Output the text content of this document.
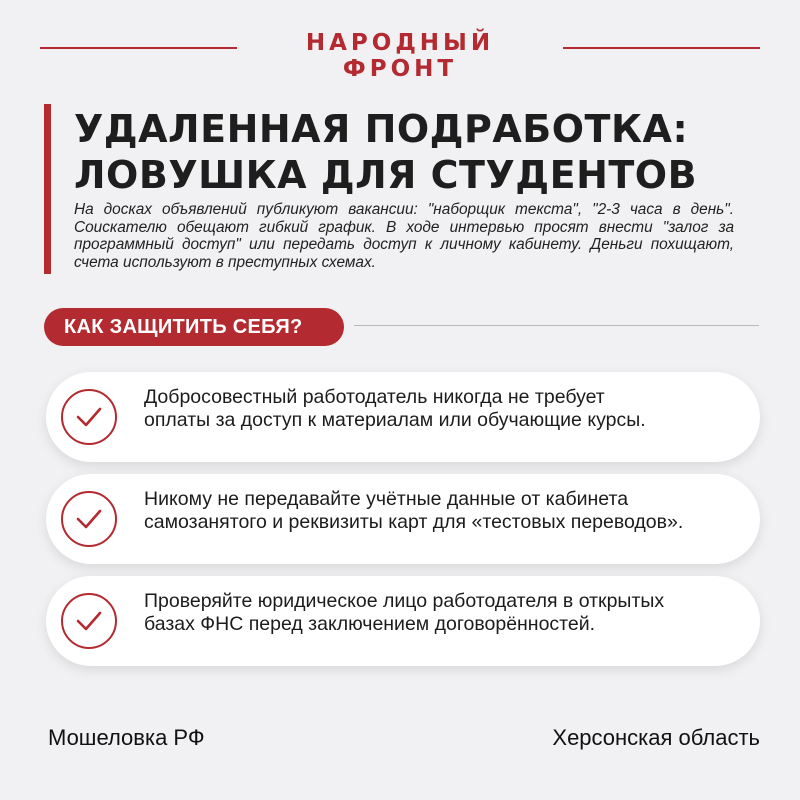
НАРОДНЫЙ ФРОНТ
УДАЛЕННАЯ ПОДРАБОТКА:
ЛОВУШКА ДЛЯ СТУДЕНТОВ
На досках объявлений публикуют вакансии: "наборщик текста", "2-3 часа в день". Соискателю обещают гибкий график. В ходе интервью просят внести "залог за программный доступ" или передать доступ к личному кабинету. Деньги похищают, счета используют в преступных схемах.
КАК ЗАЩИТИТЬ СЕБЯ?
Добросовестный работодатель никогда не требует
оплаты за доступ к материалам или обучающие курсы.
Никому не передавайте учётные данные от кабинета
самозанятого и реквизиты карт для «тестовых переводов».
Проверяйте юридическое лицо работодателя в открытых
базах ФНС перед заключением договорённостей.
Мошеловка РФ	Херсонская область
